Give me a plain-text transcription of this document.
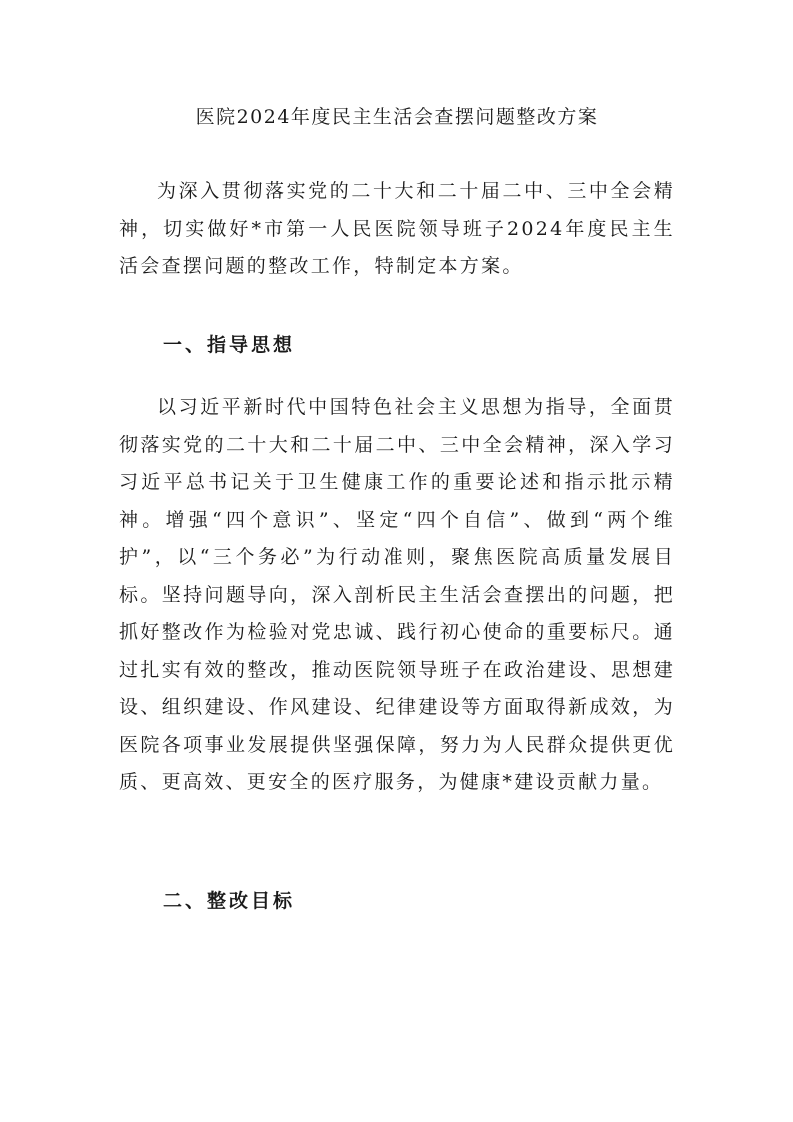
医院2024年度民主生活会查摆问题整改方案

为深入贯彻落实党的二十大和二十届二中、三中全会精神，切实做好*市第一人民医院领导班子2024年度民主生活会查摆问题的整改工作，特制定本方案。

一、指导思想

以习近平新时代中国特色社会主义思想为指导，全面贯彻落实党的二十大和二十届二中、三中全会精神，深入学习习近平总书记关于卫生健康工作的重要论述和指示批示精神。增强“四个意识”、坚定“四个自信”、做到“两个维护”，以“三个务必”为行动准则，聚焦医院高质量发展目标。坚持问题导向，深入剖析民主生活会查摆出的问题，把抓好整改作为检验对党忠诚、践行初心使命的重要标尺。通过扎实有效的整改，推动医院领导班子在政治建设、思想建设、组织建设、作风建设、纪律建设等方面取得新成效，为医院各项事业发展提供坚强保障，努力为人民群众提供更优质、更高效、更安全的医疗服务，为健康*建设贡献力量。

二、整改目标
